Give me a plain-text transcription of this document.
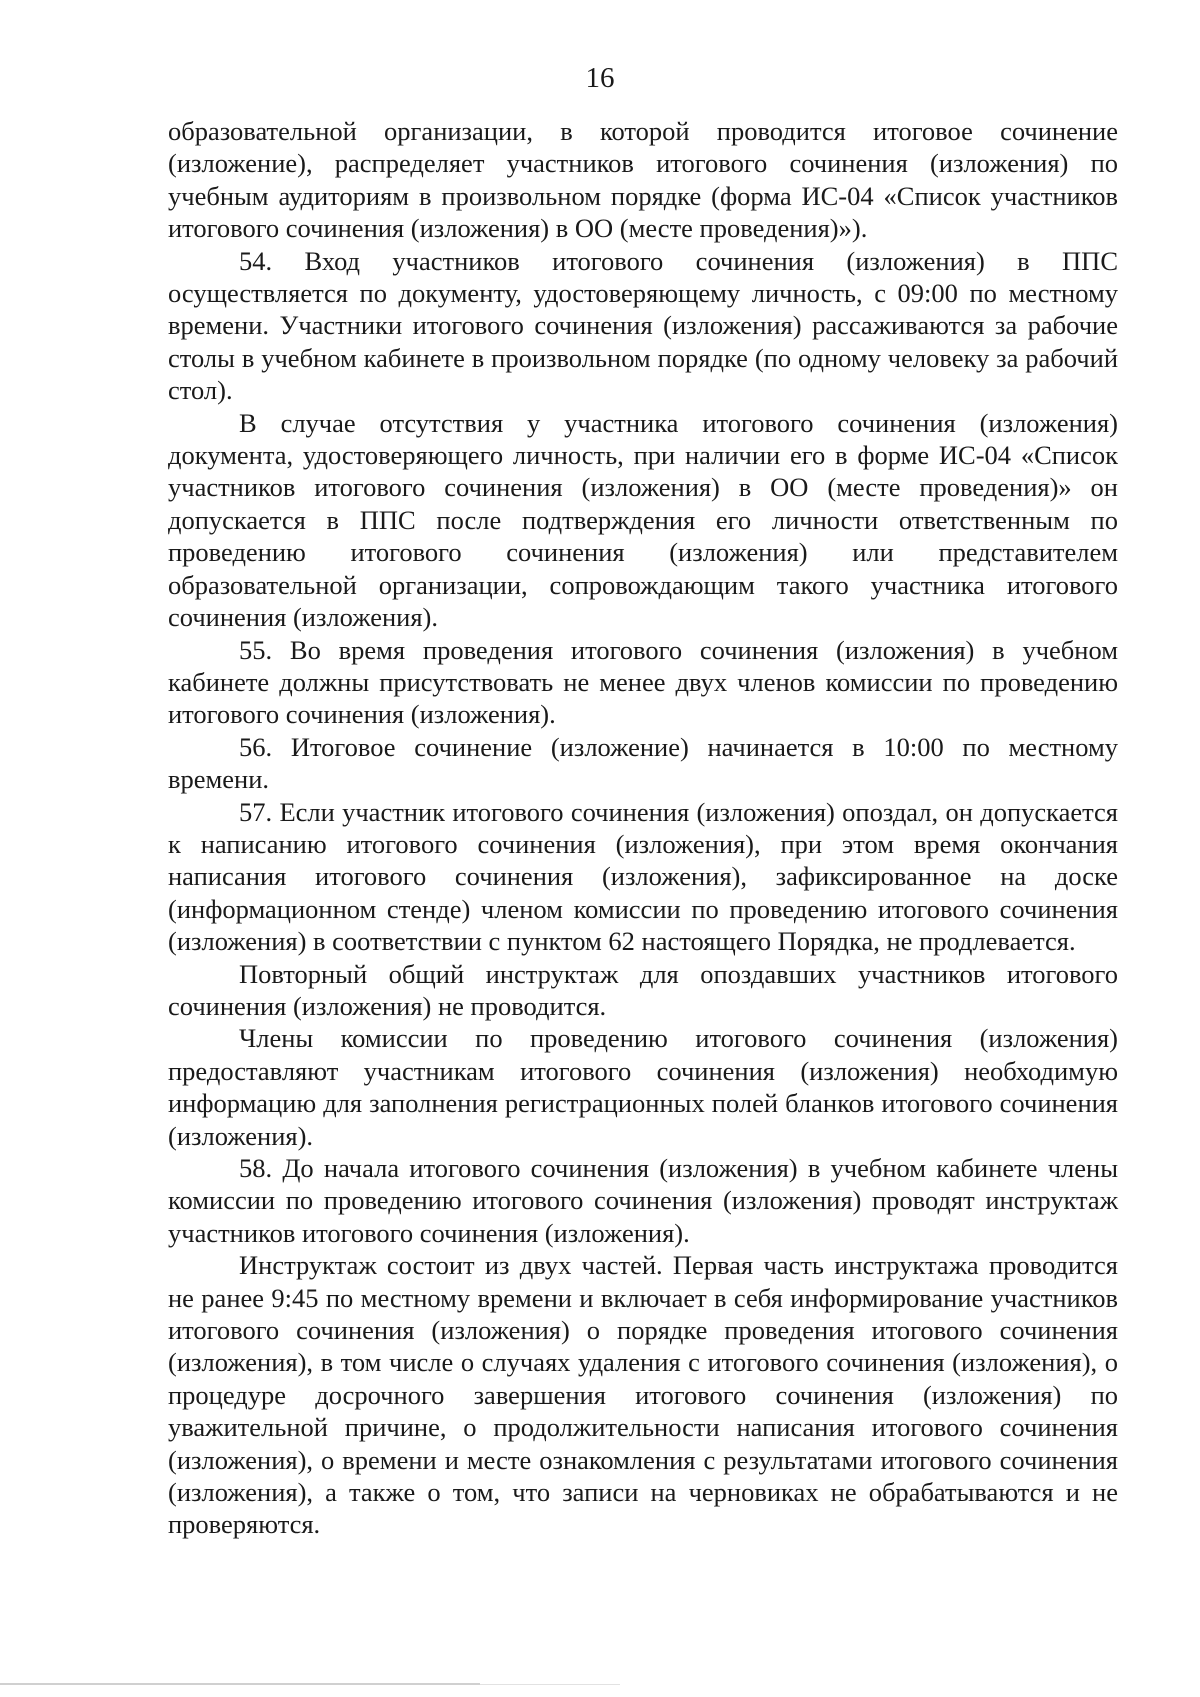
16

образовательной организации, в которой проводится итоговое сочинение (изложение), распределяет участников итогового сочинения (изложения) по учебным аудиториям в произвольном порядке (форма ИС-04 «Список участников итогового сочинения (изложения) в ОО (месте проведения)»).

54. Вход участников итогового сочинения (изложения) в ППС осуществляется по документу, удостоверяющему личность, с 09:00 по местному времени. Участники итогового сочинения (изложения) рассаживаются за рабочие столы в учебном кабинете в произвольном порядке (по одному человеку за рабочий стол).

В случае отсутствия у участника итогового сочинения (изложения) документа, удостоверяющего личность, при наличии его в форме ИС-04 «Список участников итогового сочинения (изложения) в ОО (месте проведения)» он допускается в ППС после подтверждения его личности ответственным по проведению итогового сочинения (изложения) или представителем образовательной организации, сопровождающим такого участника итогового сочинения (изложения).

55. Во время проведения итогового сочинения (изложения) в учебном кабинете должны присутствовать не менее двух членов комиссии по проведению итогового сочинения (изложения).

56. Итоговое сочинение (изложение) начинается в 10:00 по местному времени.

57. Если участник итогового сочинения (изложения) опоздал, он допускается к написанию итогового сочинения (изложения), при этом время окончания написания итогового сочинения (изложения), зафиксированное на доске (информационном стенде) членом комиссии по проведению итогового сочинения (изложения) в соответствии с пунктом 62 настоящего Порядка, не продлевается.

Повторный общий инструктаж для опоздавших участников итогового сочинения (изложения) не проводится.

Члены комиссии по проведению итогового сочинения (изложения) предоставляют участникам итогового сочинения (изложения) необходимую информацию для заполнения регистрационных полей бланков итогового сочинения (изложения).

58. До начала итогового сочинения (изложения) в учебном кабинете члены комиссии по проведению итогового сочинения (изложения) проводят инструктаж участников итогового сочинения (изложения).

Инструктаж состоит из двух частей. Первая часть инструктажа проводится не ранее 9:45 по местному времени и включает в себя информирование участников итогового сочинения (изложения) о порядке проведения итогового сочинения (изложения), в том числе о случаях удаления с итогового сочинения (изложения), о процедуре досрочного завершения итогового сочинения (изложения) по уважительной причине, о продолжительности написания итогового сочинения (изложения), о времени и месте ознакомления с результатами итогового сочинения (изложения), а также о том, что записи на черновиках не обрабатываются и не проверяются.
